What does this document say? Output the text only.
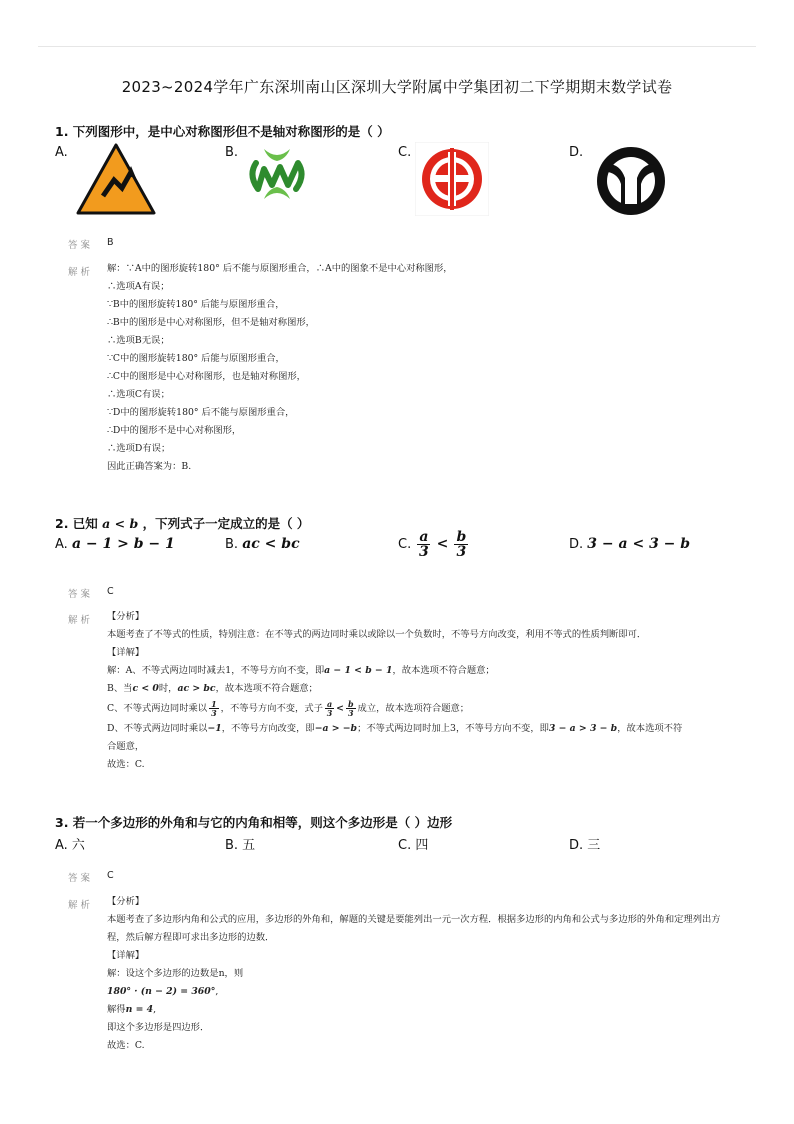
2023~2024学年广东深圳南山区深圳大学附属中学集团初二下学期期末数学试卷
1. 下列图形中，是中心对称图形但不是轴对称图形的是（ ）
A.	B.	C.	D.
答案 B
解析 解：∵A中的图形旋转180° 后不能与原图形重合，∴A中的图象不是中心对称图形，
∴选项A有误；
∵B中的图形旋转180° 后能与原图形重合，
∴B中的图形是中心对称图形，但不是轴对称图形，
∴选项B无误；
∵C中的图形旋转180° 后能与原图形重合，
∴C中的图形是中心对称图形，也是轴对称图形，
∴选项C有误；
∵D中的图形旋转180° 后不能与原图形重合，
∴D中的图形不是中心对称图形，
∴选项D有误；
因此正确答案为：B.
2. 已知 a < b ，下列式子一定成立的是（ ）
A. a − 1 > b − 1	B. ac < bc	C. $\frac{a}{3} < \frac{b}{3}$	D. 3 − a < 3 − b
答案 C
解析 【分析】
本题考查了不等式的性质，特别注意：在不等式的两边同时乘以或除以一个负数时，不等号方向改变，利用不等式的性质判断即可．
【详解】
解：A、不等式两边同时减去1，不等号方向不变，即a − 1 < b − 1，故本选项不符合题意；
B、当c < 0时，ac > bc，故本选项不符合题意；
C、不等式两边同时乘以 $\frac{1}{3}$ ，不等号方向不变，式子 $\frac{a}{3} < \frac{b}{3}$ 成立，故本选项符合题意；
D、不等式两边同时乘以−1，不等号方向改变，即−a > −b；不等式两边同时加上3，不等号方向不变，即3 − a > 3 − b，故本选项不符
合题意，
故选：C.
3. 若一个多边形的外角和与它的内角和相等，则这个多边形是（ ）边形
A. 六	B. 五	C. 四	D. 三
答案 C
解析 【分析】
本题考查了多边形内角和公式的应用，多边形的外角和，解题的关键是要能列出一元一次方程．根据多边形的内角和公式与多边形的外角和定理列出方程，然后解方程即可求出多边形的边数．
【详解】
解：设这个多边形的边数是n，则
180° · (n − 2) = 360°,
解得n = 4,
即这个多边形是四边形．
故选：C.
